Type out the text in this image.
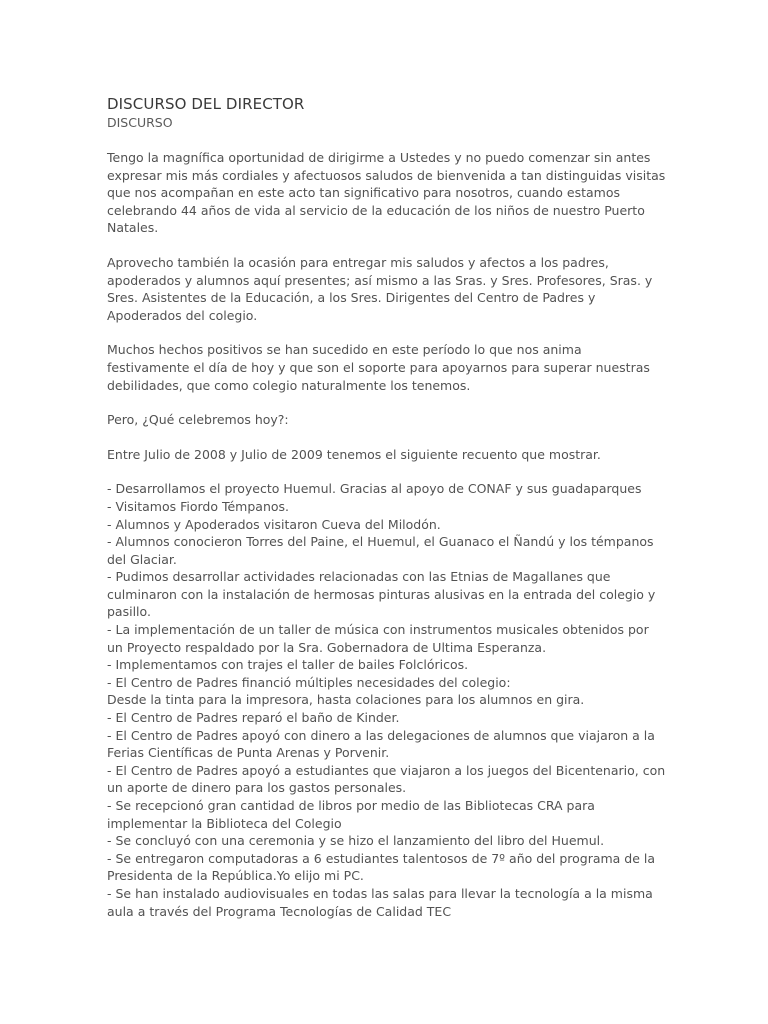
DISCURSO DEL DIRECTOR
DISCURSO

Tengo la magnífica oportunidad de dirigirme a Ustedes y no puedo comenzar sin antes expresar mis más cordiales y afectuosos saludos de bienvenida a tan distinguidas visitas que nos acompañan en este acto tan significativo para nosotros, cuando estamos celebrando 44 años de vida al servicio de la educación de los niños de nuestro Puerto Natales.

Aprovecho también la ocasión para entregar mis saludos y afectos a los padres, apoderados y alumnos aquí presentes; así mismo a las Sras. y Sres. Profesores, Sras. y Sres. Asistentes de la Educación, a los Sres. Dirigentes del Centro de Padres y Apoderados del colegio.

Muchos hechos positivos se han sucedido en este período lo que nos anima festivamente el día de hoy y que son el soporte para apoyarnos para superar nuestras debilidades, que como colegio naturalmente los tenemos.

Pero, ¿Qué celebremos hoy?:

Entre Julio de 2008 y Julio de 2009 tenemos el siguiente recuento que mostrar.

- Desarrollamos el proyecto Huemul. Gracias al apoyo de CONAF y sus guadaparques
- Visitamos Fiordo Témpanos.
- Alumnos y Apoderados visitaron Cueva del Milodón.
- Alumnos conocieron Torres del Paine, el Huemul, el Guanaco el Ñandú y los témpanos del Glaciar.
- Pudimos desarrollar actividades relacionadas con las Etnias de Magallanes que culminaron con la instalación de hermosas pinturas alusivas en la entrada del colegio y pasillo.
- La implementación de un taller de música con instrumentos musicales obtenidos por un Proyecto respaldado por la Sra. Gobernadora de Ultima Esperanza.
- Implementamos con trajes el taller de bailes Folclóricos.
- El Centro de Padres financió múltiples necesidades del colegio:
Desde la tinta para la impresora, hasta colaciones para los alumnos en gira.
- El Centro de Padres reparó el baño de Kinder.
- El Centro de Padres apoyó con dinero a las delegaciones de alumnos que viajaron a la Ferias Científicas de Punta Arenas y Porvenir.
- El Centro de Padres apoyó a estudiantes que viajaron a los juegos del Bicentenario, con un aporte de dinero para los gastos personales.
- Se recepcionó gran cantidad de libros por medio de las Bibliotecas CRA para implementar la Biblioteca del Colegio
- Se concluyó con una ceremonia y se hizo el lanzamiento del libro del Huemul.
- Se entregaron computadoras a 6 estudiantes talentosos de 7º año del programa de la Presidenta de la República.Yo elijo mi PC.
- Se han instalado audiovisuales en todas las salas para llevar la tecnología a la misma aula a través del Programa Tecnologías de Calidad TEC
